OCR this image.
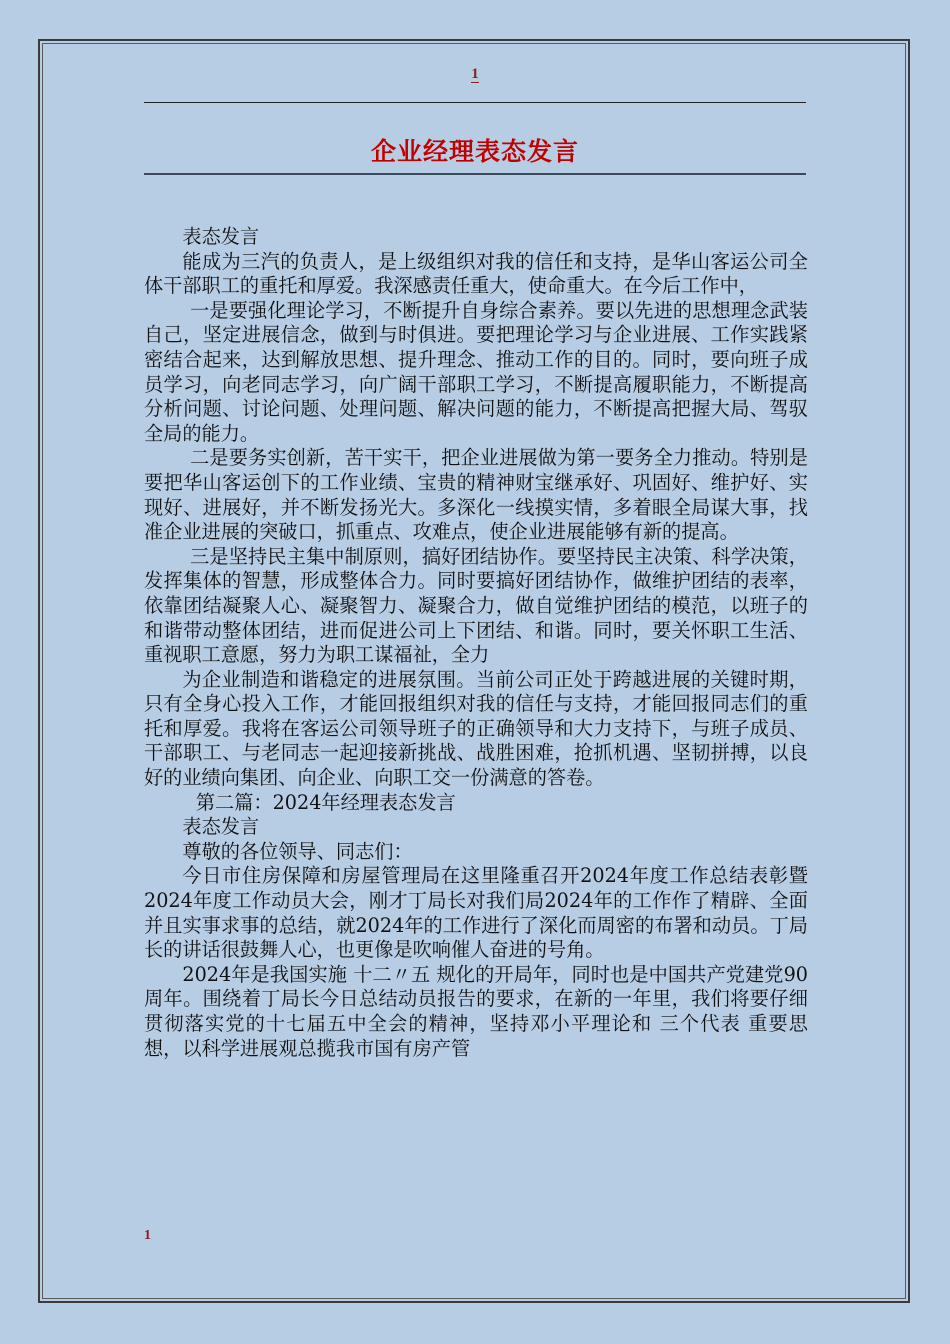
1
企业经理表态发言

表态发言

能成为三汽的负责人，是上级组织对我的信任和支持，是华山客运公司全体干部职工的重托和厚爱。我深感责任重大，使命重大。在今后工作中，

一是要强化理论学习，不断提升自身综合素养。要以先进的思想理念武装自己，坚定进展信念，做到与时俱进。要把理论学习与企业进展、工作实践紧密结合起来，达到解放思想、提升理念、推动工作的目的。同时，要向班子成员学习，向老同志学习，向广阔干部职工学习，不断提高履职能力，不断提高分析问题、讨论问题、处理问题、解决问题的能力，不断提高把握大局、驾驭全局的能力。

二是要务实创新，苦干实干，把企业进展做为第一要务全力推动。特别是要把华山客运创下的工作业绩、宝贵的精神财宝继承好、巩固好、维护好、实现好、进展好，并不断发扬光大。多深化一线摸实情，多着眼全局谋大事，找准企业进展的突破口，抓重点、攻难点，使企业进展能够有新的提高。

三是坚持民主集中制原则，搞好团结协作。要坚持民主决策、科学决策，发挥集体的智慧，形成整体合力。同时要搞好团结协作，做维护团结的表率，依靠团结凝聚人心、凝聚智力、凝聚合力，做自觉维护团结的模范，以班子的和谐带动整体团结，进而促进公司上下团结、和谐。同时，要关怀职工生活、重视职工意愿，努力为职工谋福祉，全力

为企业制造和谐稳定的进展氛围。当前公司正处于跨越进展的关键时期，只有全身心投入工作，才能回报组织对我的信任与支持，才能回报同志们的重托和厚爱。我将在客运公司领导班子的正确领导和大力支持下，与班子成员、干部职工、与老同志一起迎接新挑战、战胜困难，抢抓机遇、坚韧拼搏，以良好的业绩向集团、向企业、向职工交一份满意的答卷。

第二篇：2024年经理表态发言

表态发言

尊敬的各位领导、同志们：

今日市住房保障和房屋管理局在这里隆重召开2024年度工作总结表彰暨2024年度工作动员大会，刚才丁局长对我们局2024年的工作作了精辟、全面并且实事求事的总结，就2024年的工作进行了深化而周密的布署和动员。丁局长的讲话很鼓舞人心，也更像是吹响催人奋进的号角。

2024年是我国实施 十二〃五 规化的开局年，同时也是中国共产党建党90周年。围绕着丁局长今日总结动员报告的要求，在新的一年里，我们将要仔细贯彻落实党的十七届五中全会的精神，坚持邓小平理论和 三个代表 重要思想，以科学进展观总揽我市国有房产管

1
